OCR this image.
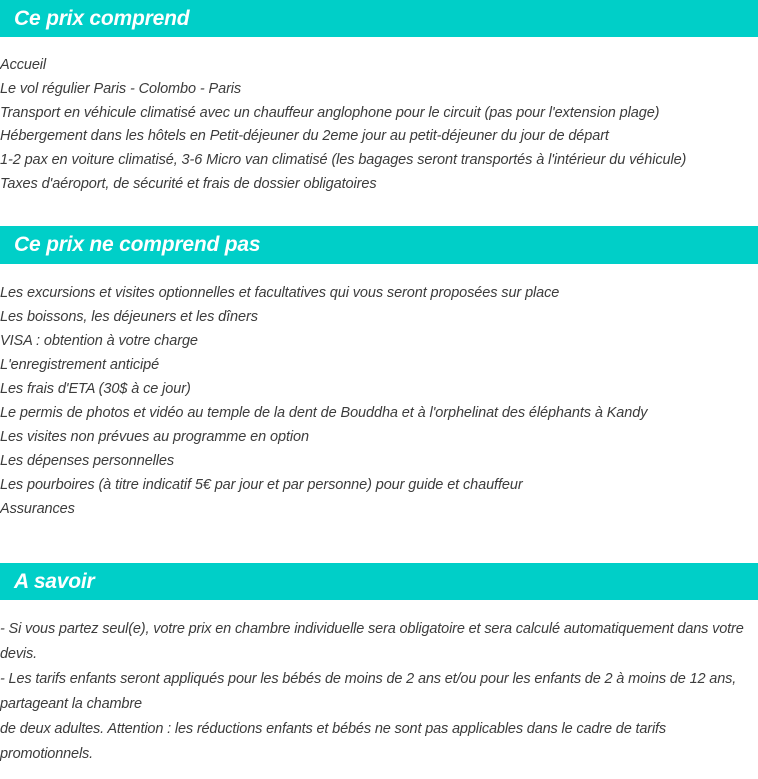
Ce prix comprend
Accueil
Le vol régulier Paris - Colombo - Paris
Transport en véhicule climatisé avec un chauffeur anglophone pour le circuit (pas pour l'extension plage)
Hébergement dans les hôtels en Petit-déjeuner du 2eme jour au petit-déjeuner du jour de départ
1-2 pax en voiture climatisé, 3-6 Micro van climatisé (les bagages seront transportés à l'intérieur du véhicule)
Taxes d'aéroport, de sécurité et frais de dossier obligatoires
Ce prix ne comprend pas
Les excursions et visites optionnelles et facultatives qui vous seront proposées sur place
Les boissons, les déjeuners et les dîners
VISA : obtention à votre charge
L'enregistrement anticipé
Les frais d'ETA (30$ à ce jour)
Le permis de photos et vidéo au temple de la dent de Bouddha et à l'orphelinat des éléphants à Kandy
Les visites non prévues au programme en option
Les dépenses personnelles
Les pourboires (à titre indicatif 5€ par jour et par personne) pour guide et chauffeur
Assurances
A savoir

- Si vous partez seul(e), votre prix en chambre individuelle sera obligatoire et sera calculé automatiquement dans votre devis.

- Les tarifs enfants seront appliqués pour les bébés de moins de 2 ans et/ou pour les enfants de 2 à moins de 12 ans, partageant la chambre

de deux adultes. Attention : les réductions enfants et bébés ne sont pas applicables dans le cadre de tarifs promotionnels.
